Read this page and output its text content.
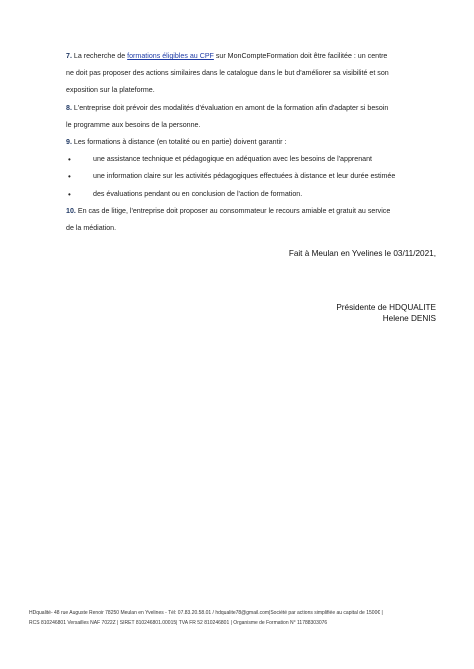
7. La recherche de formations éligibles au CPF sur MonCompteFormation doit être facilitée : un centre

ne doit pas proposer des actions similaires dans le catalogue dans le but d'améliorer sa visibilité et son

exposition sur la plateforme.

8. L'entreprise doit prévoir des modalités d'évaluation en amont de la formation afin d'adapter si besoin

le programme aux besoins de la personne.

9. Les formations à distance (en totalité ou en partie) doivent garantir :

•	une assistance technique et pédagogique en adéquation avec les besoins de l'apprenant
•	une information claire sur les activités pédagogiques effectuées à distance et leur durée estimée
•	des évaluations pendant ou en conclusion de l'action de formation.

10. En cas de litige, l'entreprise doit proposer au consommateur le recours amiable et gratuit au service

de la médiation.

Fait à Meulan en Yvelines le 03/11/2021,
Présidente de HDQUALITE
Helene DENIS
HDqualité- 48 rue Auguste Renoir 78250 Meulan en Yvelines - Tél: 07.83.20.58.01 / hdqualite78@gmail.com|Société par actions simplifiée au capital de 1500€ |
RCS 810246801 Versailles NAF 7022Z | SIRET 810246801.00015| TVA FR 52 810246801 | Organisme de Formation N° 11788303076
